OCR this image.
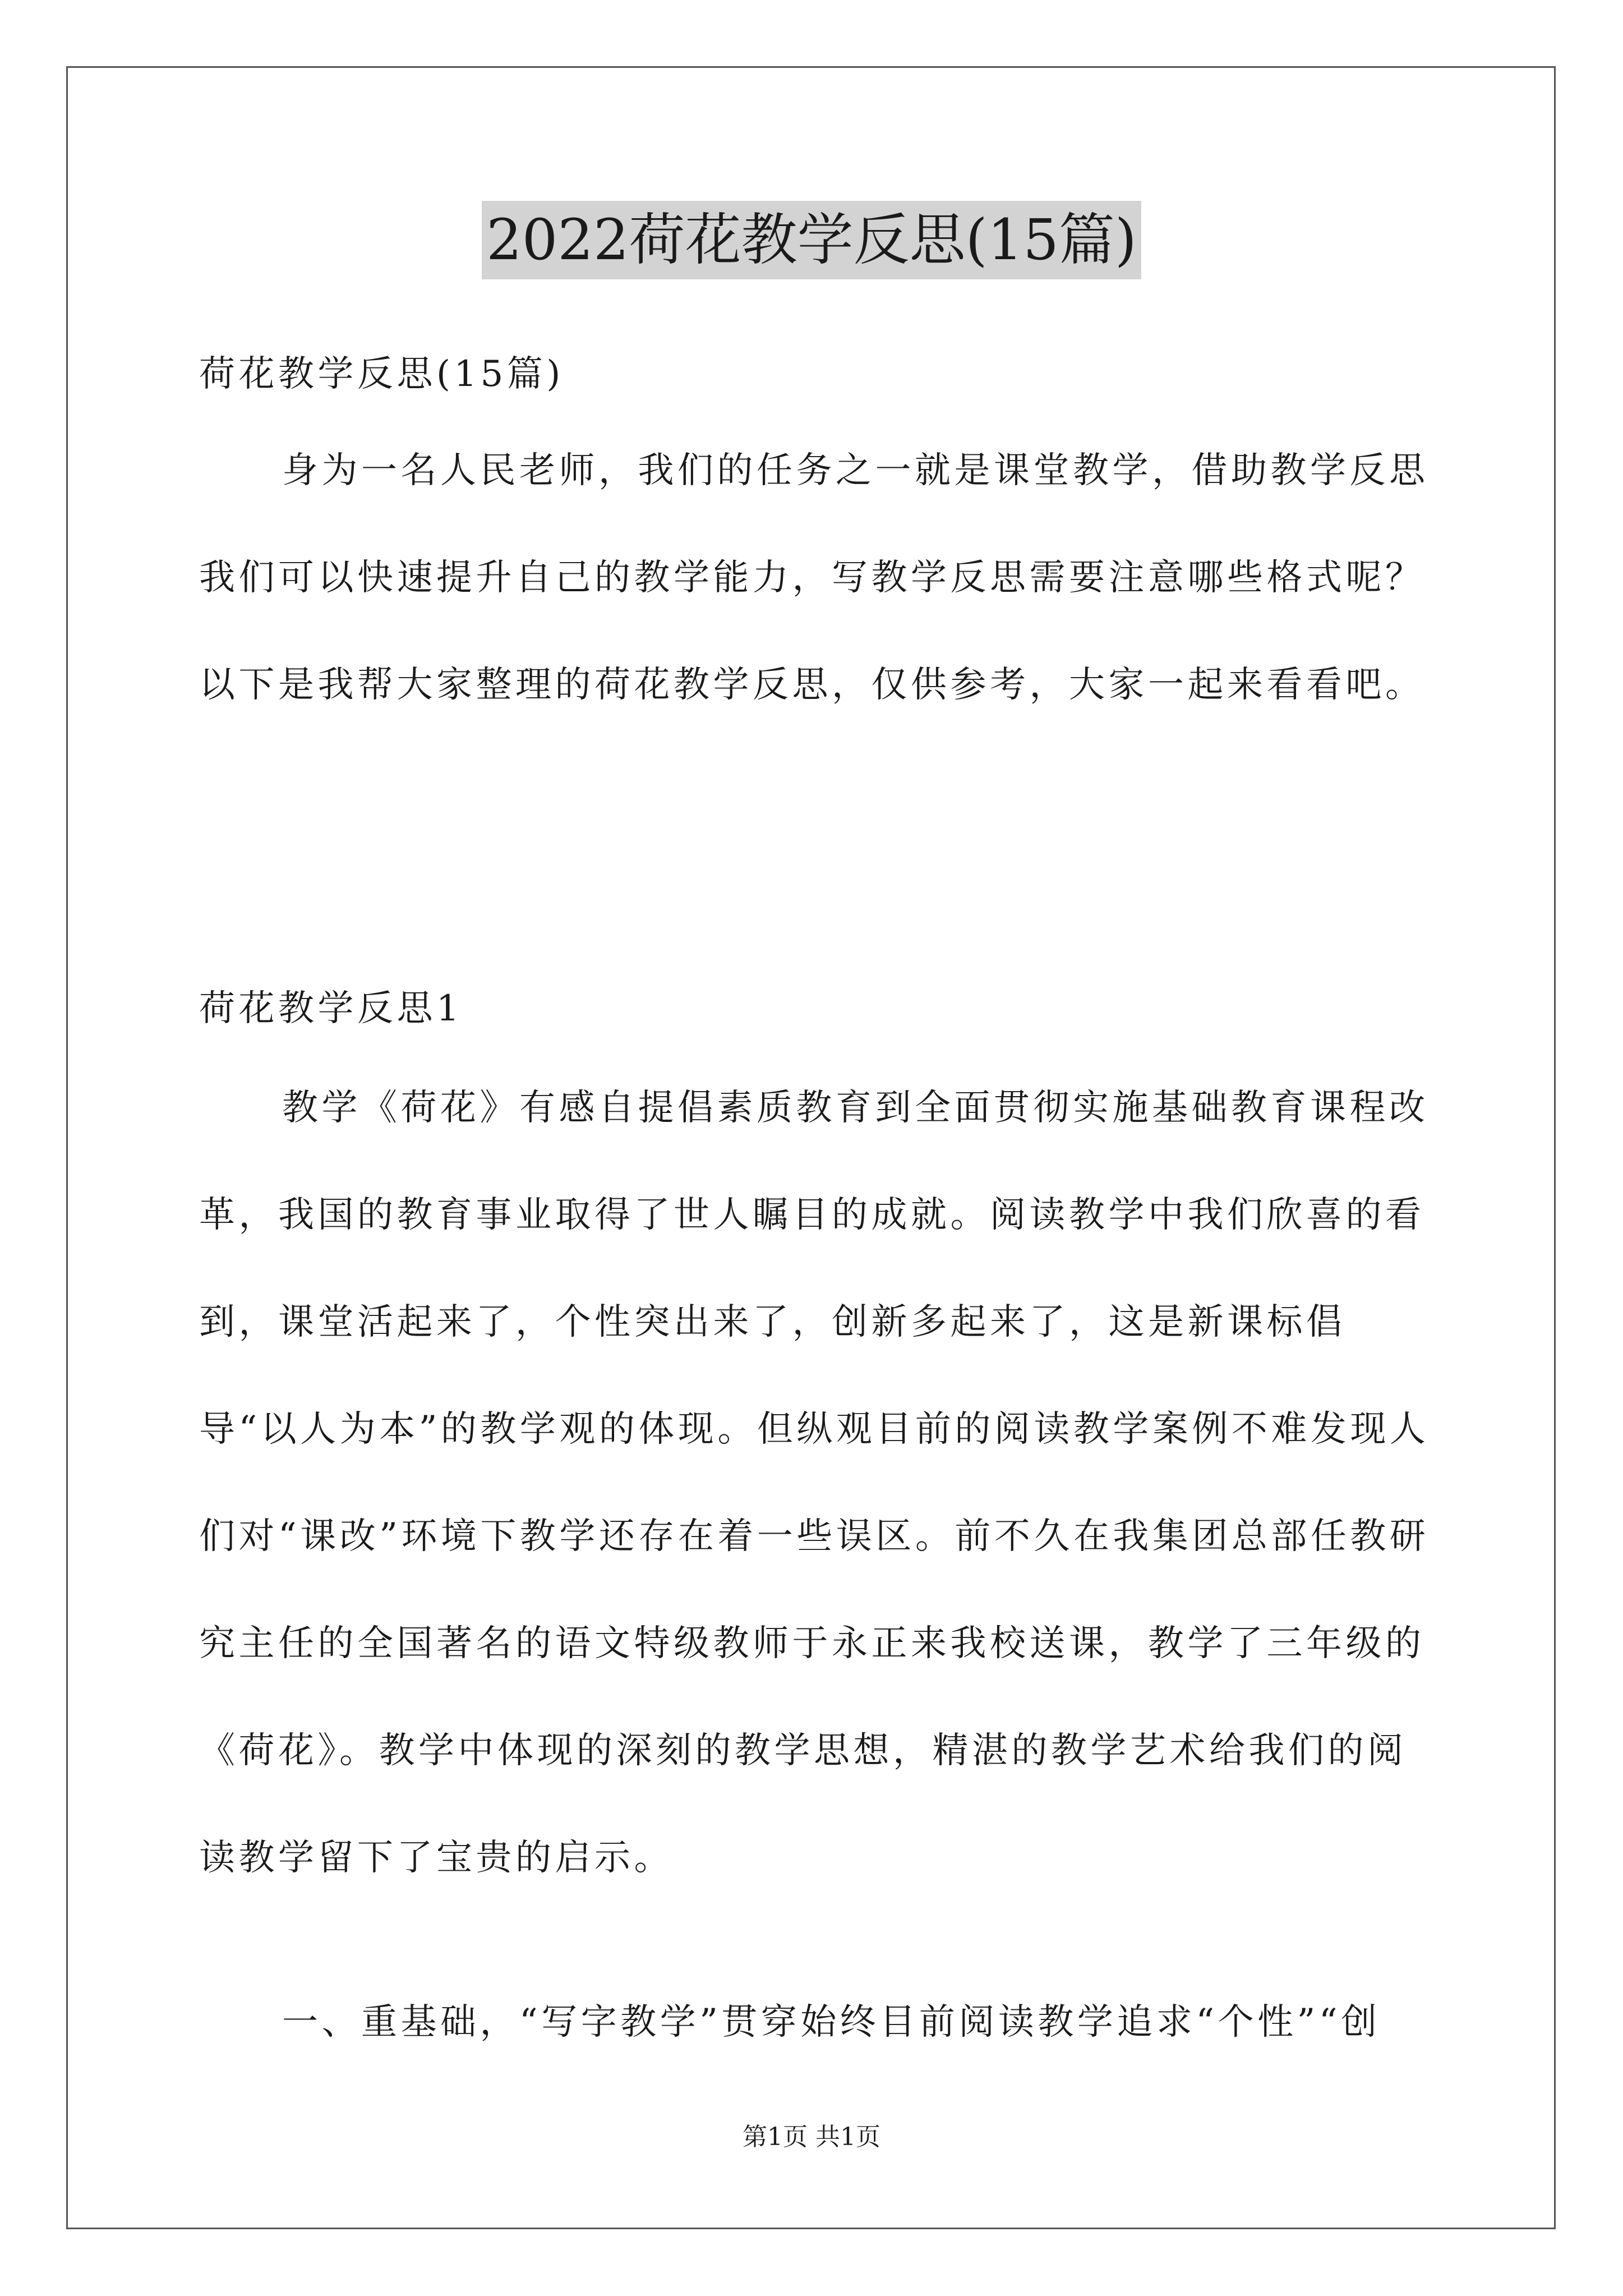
2022荷花教学反思(15篇)
荷花教学反思(15篇)
身为一名人民老师，我们的任务之一就是课堂教学，借助教学反思我们可以快速提升自己的教学能力，写教学反思需要注意哪些格式呢？以下是我帮大家整理的荷花教学反思，仅供参考，大家一起来看看吧。
荷花教学反思1
教学《荷花》有感自提倡素质教育到全面贯彻实施基础教育课程改革，我国的教育事业取得了世人瞩目的成就。阅读教学中我们欣喜的看到，课堂活起来了，个性突出来了，创新多起来了，这是新课标倡导“以人为本”的教学观的体现。但纵观目前的阅读教学案例不难发现人们对“课改”环境下教学还存在着一些误区。前不久在我集团总部任教研究主任的全国著名的语文特级教师于永正来我校送课，教学了三年级的《荷花》。教学中体现的深刻的教学思想，精湛的教学艺术给我们的阅读教学留下了宝贵的启示。
一、重基础，“写字教学”贯穿始终目前阅读教学追求“个性”“创
第1页 共1页
